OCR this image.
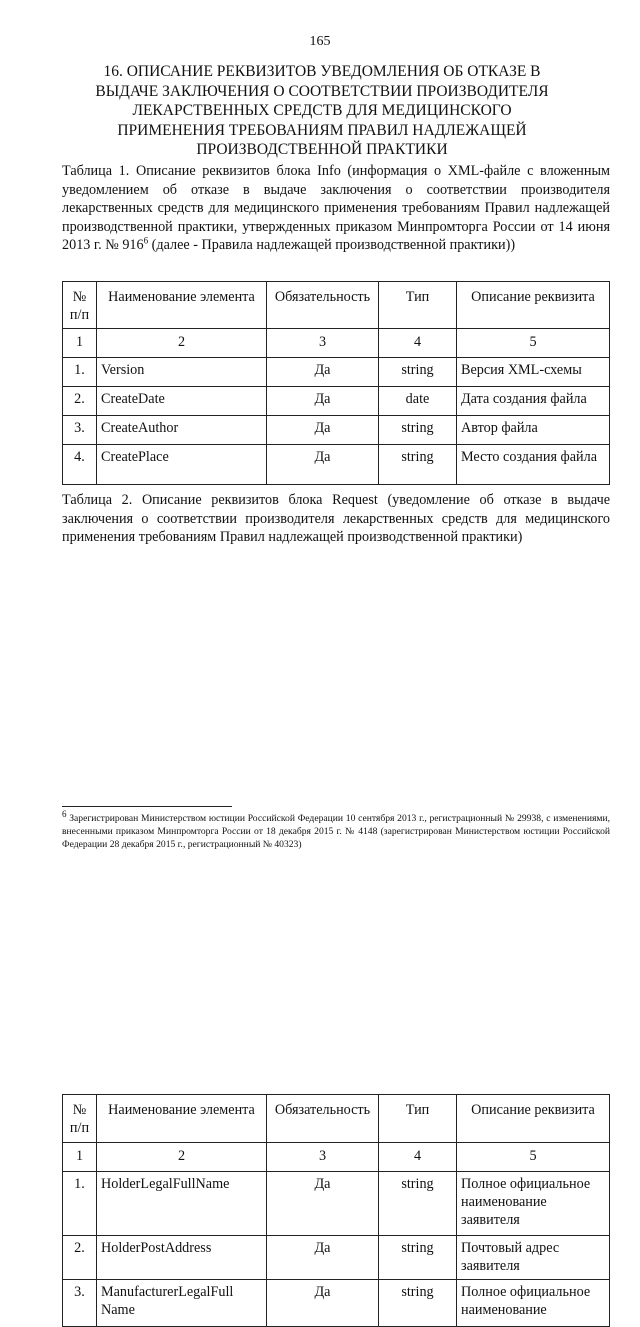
165
16. ОПИСАНИЕ РЕКВИЗИТОВ УВЕДОМЛЕНИЯ ОБ ОТКАЗЕ В ВЫДАЧЕ ЗАКЛЮЧЕНИЯ О СООТВЕТСТВИИ ПРОИЗВОДИТЕЛЯ ЛЕКАРСТВЕННЫХ СРЕДСТВ ДЛЯ МЕДИЦИНСКОГО ПРИМЕНЕНИЯ ТРЕБОВАНИЯМ ПРАВИЛ НАДЛЕЖАЩЕЙ ПРОИЗВОДСТВЕННОЙ ПРАКТИКИ
Таблица 1. Описание реквизитов блока Info (информация о XML-файле с вложенным уведомлением об отказе в выдаче заключения о соответствии производителя лекарственных средств для медицинского применения требованиям Правил надлежащей производственной практики, утвержденных приказом Минпромторга России от 14 июня 2013 г. № $916^6$ (далее - Правила надлежащей производственной практики))
№ п/п	Наименование элемента	Обязательность	Тип	Описание реквизита
1	2	3	4	5
1.	Version	Да	string	Версия XML-схемы
2.	CreateDate	Да	date	Дата создания файла
3.	CreateAuthor	Да	string	Автор файла
4.	CreatePlace	Да	string	Место создания файла
Таблица 2. Описание реквизитов блока Request (уведомление об отказе в выдаче заключения о соответствии производителя лекарственных средств для медицинского применения требованиям Правил надлежащей производственной практики)
№ п/п	Наименование элемента	Обязательность	Тип	Описание реквизита
1	2	3	4	5
1.	HolderLegalFullName	Да	string	Полное официальное наименование заявителя
2.	HolderPostAddress	Да	string	Почтовый адрес заявителя
3.	ManufacturerLegalFull Name	Да	string	Полное официальное наименование
$^6$ Зарегистрирован Министерством юстиции Российской Федерации 10 сентября 2013 г., регистрационный № 29938, с изменениями, внесенными приказом Минпромторга России от 18 декабря 2015 г. № 4148 (зарегистрирован Министерством юстиции Российской Федерации 28 декабря 2015 г., регистрационный № 40323)
